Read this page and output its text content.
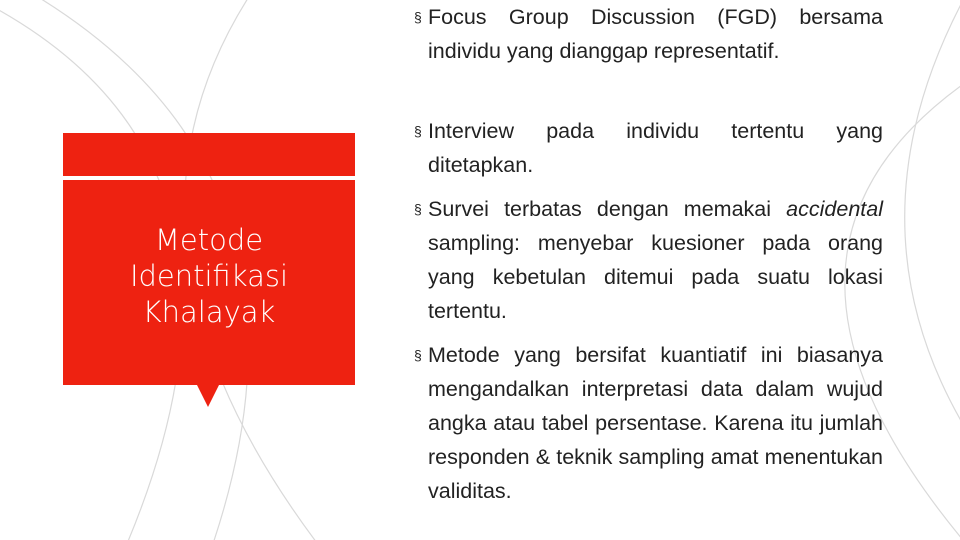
Metode
Identifikasi
Khalayak
§ Focus Group Discussion (FGD) bersama individu yang dianggap representatif.
§ Interview pada individu tertentu yang ditetapkan.
§ Survei terbatas dengan memakai accidental sampling: menyebar kuesioner pada orang yang kebetulan ditemui pada suatu lokasi tertentu.
§ Metode yang bersifat kuantiatif ini biasanya mengandalkan interpretasi data dalam wujud angka atau tabel persentase. Karena itu jumlah responden & teknik sampling amat menentukan validitas.
